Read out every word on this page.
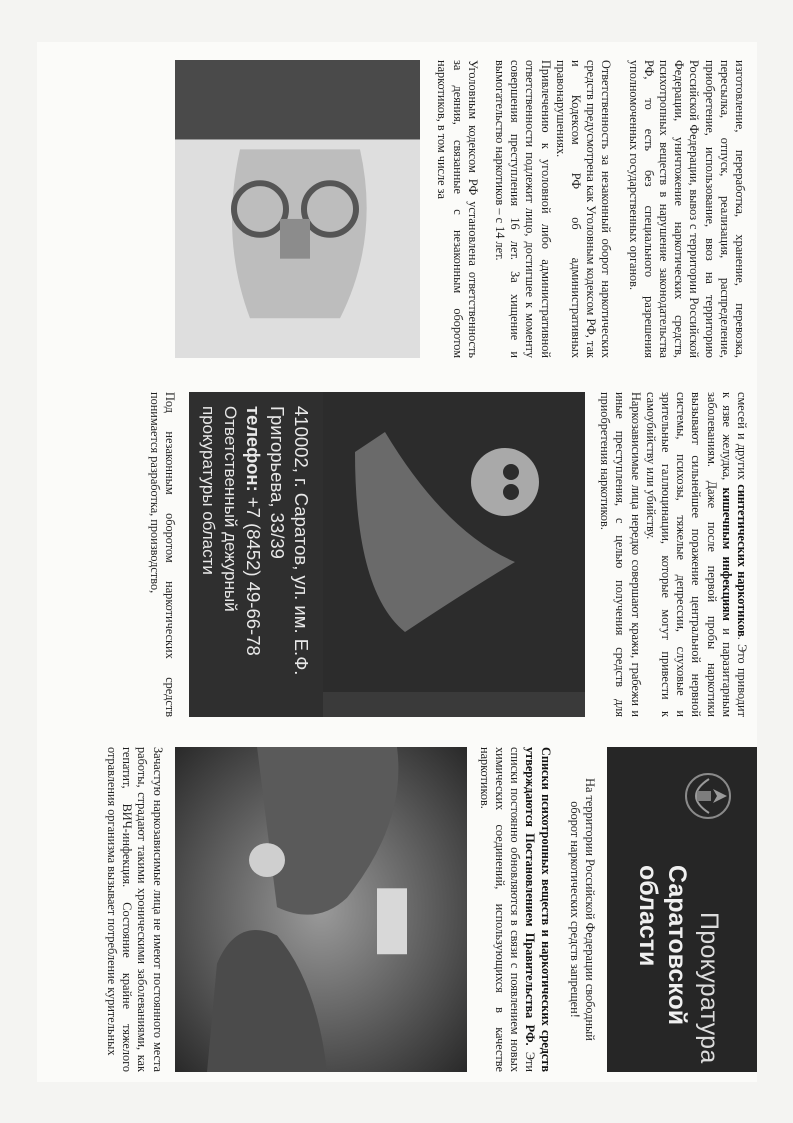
Прокуратура
Саратовской области

На территории Российской Федерации свободный оборот наркотических средств запрещен!

Списки психотропных веществ и наркотических средств утверждаются Постановлением Правительства РФ. Эти списки постоянно обновляются в связи с появлением новых химических соединений, использующихся в качестве наркотиков.

Зачастую наркозависимые лица не имеют постоянного места работы, страдают такими хроническими заболеваниями, как гепатит, ВИЧ-инфекция. Состояние крайне тяжелого отравления организма вызывает потребление курительных

смесей и других синтетических наркотиков. Это приводит к язве желудка, кишечным инфекциям и паразитарным заболеваниям. Даже после первой пробы наркотики вызывают сильнейшее поражение центральной нервной системы, психозы, тяжелые депрессии, слуховые и зрительные галлюцинации, которые могут привести к самоубийству или убийству.

Наркозависимые лица нередко совершают кражи, грабежи и иные преступления, с целью получения средств для приобретения наркотиков.

410002, г. Саратов, ул. им. Е.Ф. Григорьева, 33/39
телефон: +7 (8452) 49-66-78
Ответственный дежурный прокуратуры области

Под незаконным оборотом наркотических средств понимается разработка, производство,

изготовление, переработка, хранение, перевозка, пересылка, отпуск, реализация, распределение, приобретение, использование, ввоз на территорию Российской Федерации, вывоз с территории Российской Федерации, уничтожение наркотических средств, психотропных веществ в нарушение законодательства РФ, то есть без специального разрешения уполномоченных государственных органов.

Ответственность за незаконный оборот наркотических средств предусмотрена как Уголовным кодексом РФ, так и Кодексом РФ об административных правонарушениях.

Привлечению к уголовной либо административной ответственности подлежит лицо, достигшее к моменту совершения преступления 16 лет. За хищение и вымогательство наркотиков – с 14 лет.

Уголовным кодексом РФ установлена ответственность за деяния, связанные с незаконным оборотом наркотиков, в том числе за
